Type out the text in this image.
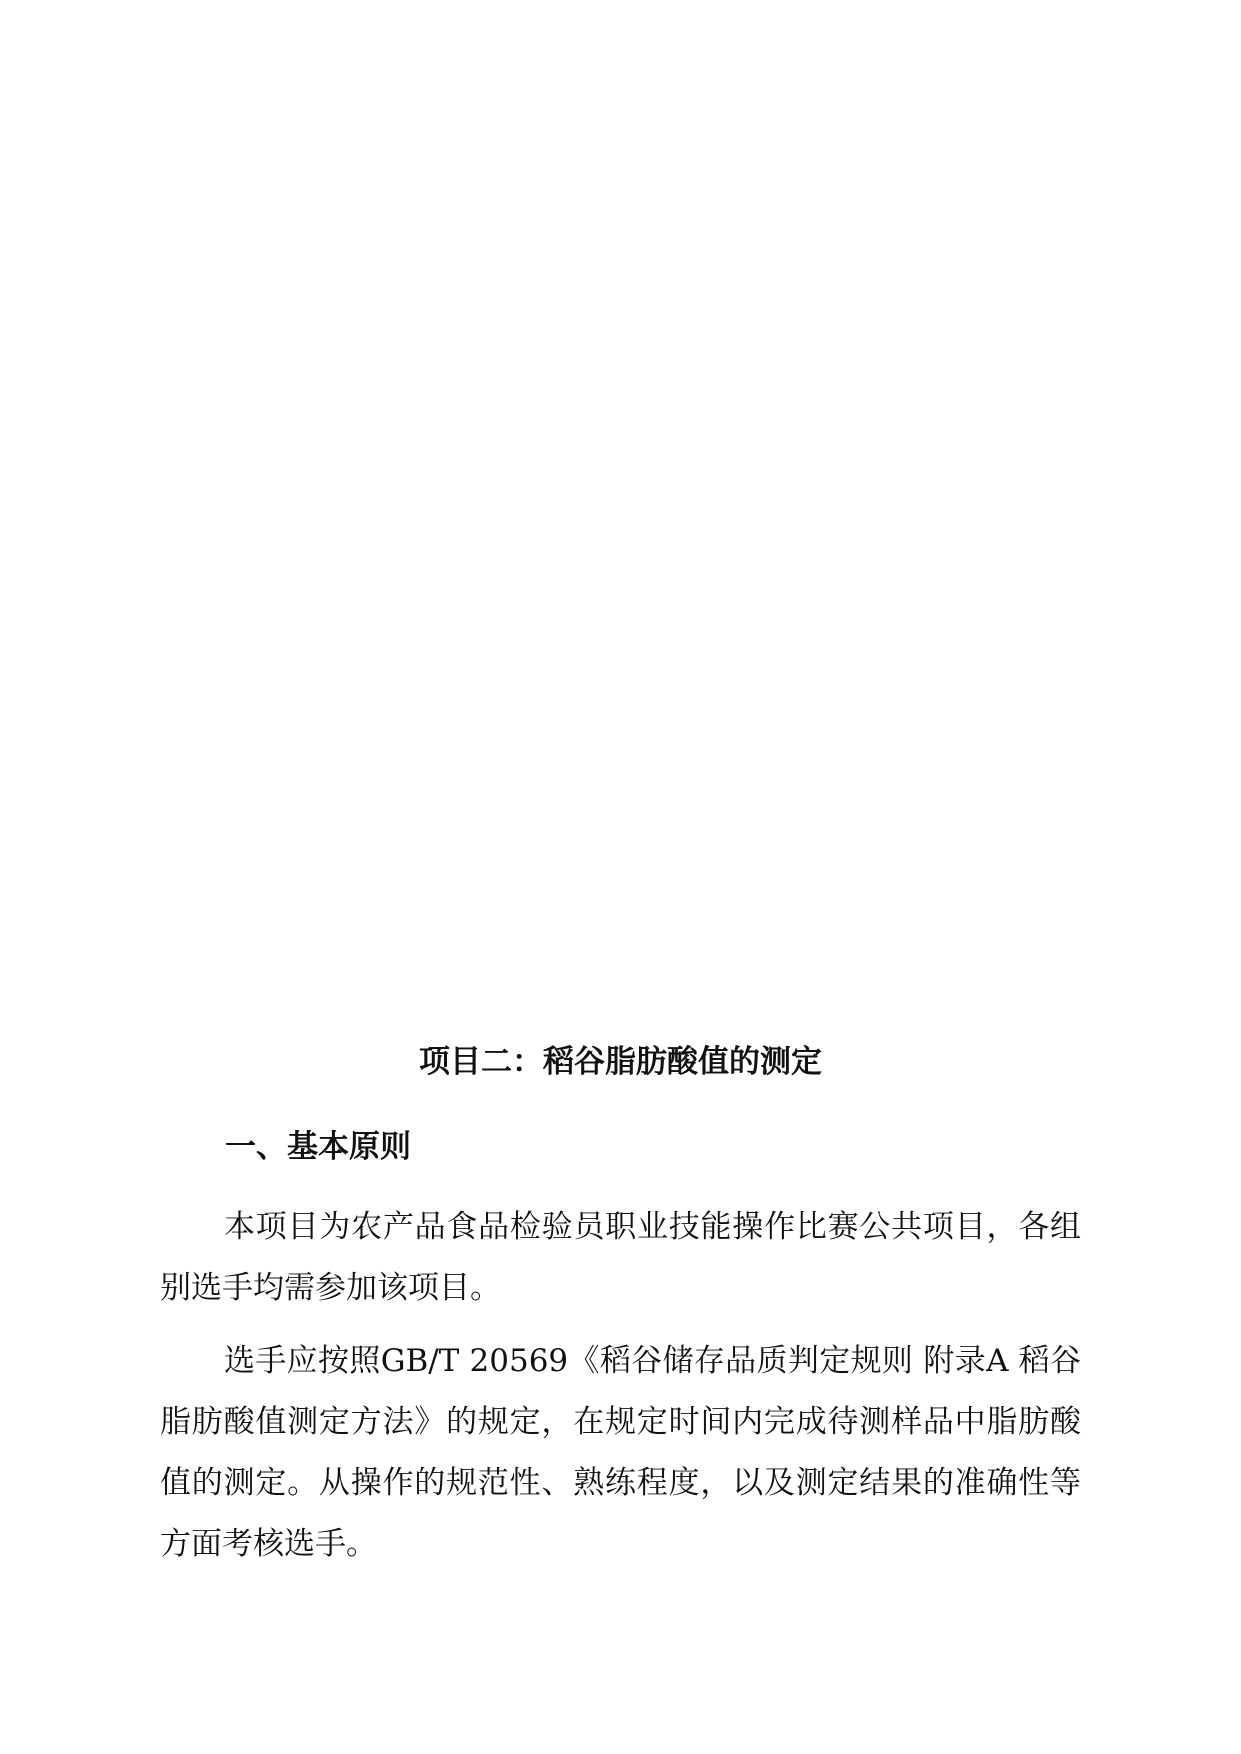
项目二：稻谷脂肪酸值的测定
一、基本原则

本项目为农产品食品检验员职业技能操作比赛公共项目，各组别选手均需参加该项目。

选手应按照GB/T 20569《稻谷储存品质判定规则 附录A 稻谷脂肪酸值测定方法》的规定，在规定时间内完成待测样品中脂肪酸值的测定。从操作的规范性、熟练程度，以及测定结果的准确性等方面考核选手。
